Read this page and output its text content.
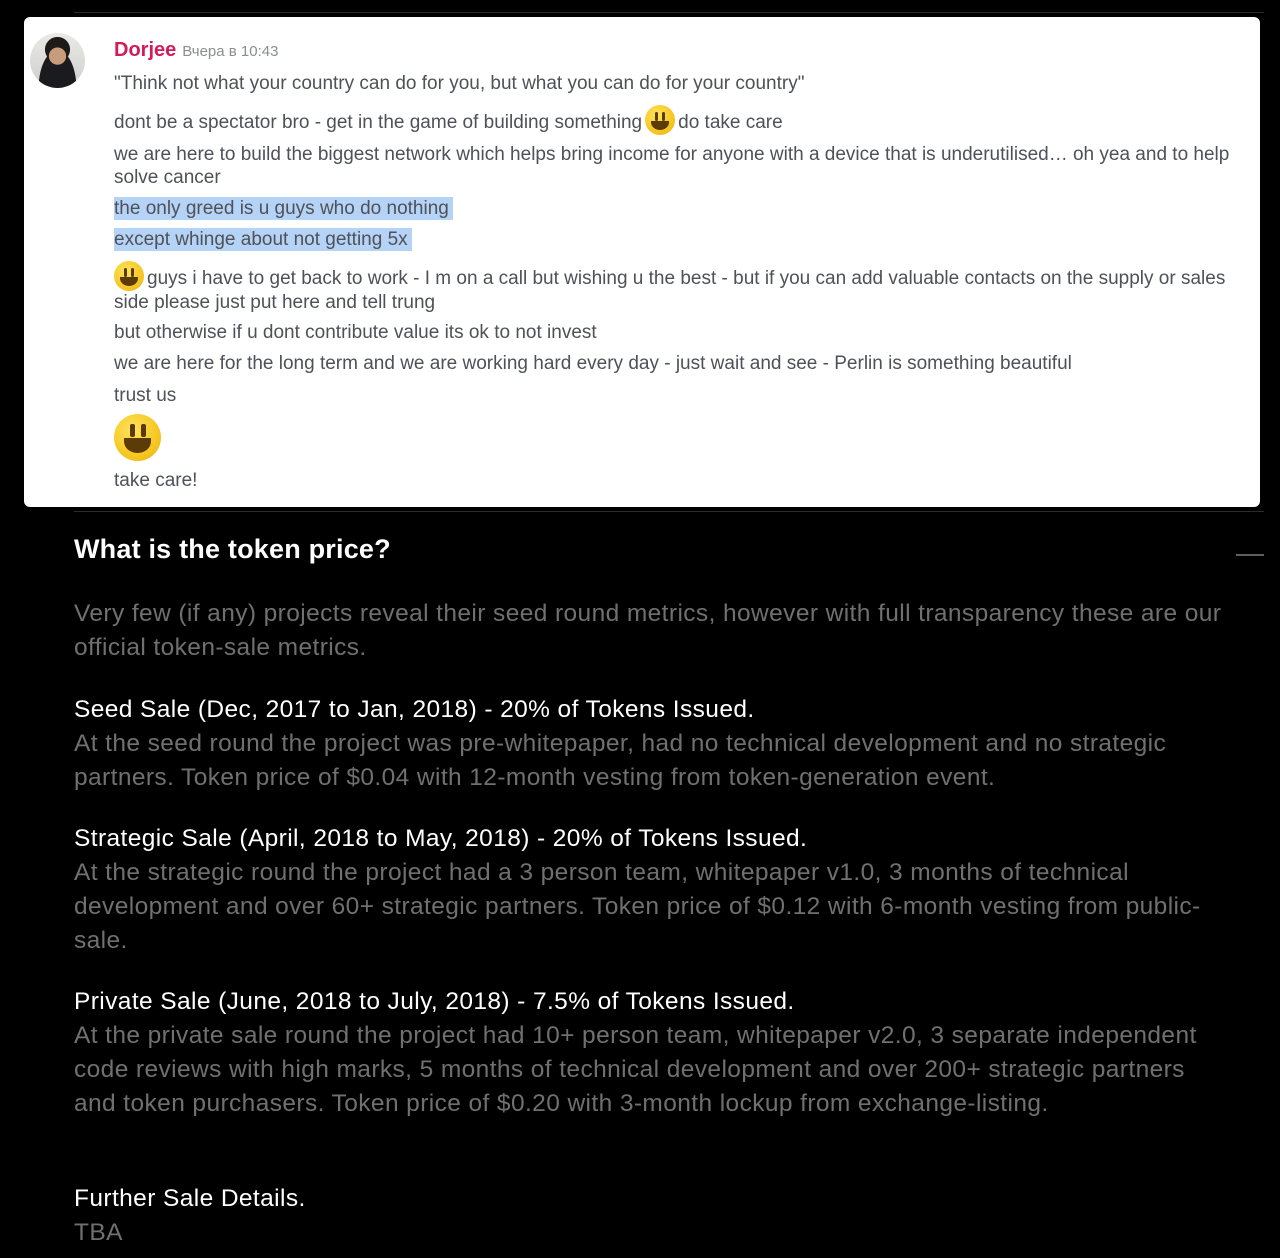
Dorjee Вчера в 10:43
"Think not what your country can do for you, but what you can do for your country"
dont be a spectator bro - get in the game of building something do take care
we are here to build the biggest network which helps bring income for anyone with a device that is underutilised… oh yea and to help solve cancer
the only greed is u guys who do nothing
except whinge about not getting 5x
guys i have to get back to work - I m on a call but wishing u the best - but if you can add valuable contacts on the supply or sales side please just put here and tell trung
but otherwise if u dont contribute value its ok to not invest
we are here for the long term and we are working hard every day - just wait and see - Perlin is something beautiful
trust us
take care!
What is the token price?
Very few (if any) projects reveal their seed round metrics, however with full transparency these are our official token-sale metrics.
Seed Sale (Dec, 2017 to Jan, 2018) - 20% of Tokens Issued.
At the seed round the project was pre-whitepaper, had no technical development and no strategic partners. Token price of $0.04 with 12-month vesting from token-generation event.
Strategic Sale (April, 2018 to May, 2018) - 20% of Tokens Issued.
At the strategic round the project had a 3 person team, whitepaper v1.0, 3 months of technical development and over 60+ strategic partners. Token price of $0.12 with 6-month vesting from public-sale.
Private Sale (June, 2018 to July, 2018) - 7.5% of Tokens Issued.
At the private sale round the project had 10+ person team, whitepaper v2.0, 3 separate independent code reviews with high marks, 5 months of technical development and over 200+ strategic partners and token purchasers. Token price of $0.20 with 3-month lockup from exchange-listing.
Further Sale Details.
TBA
